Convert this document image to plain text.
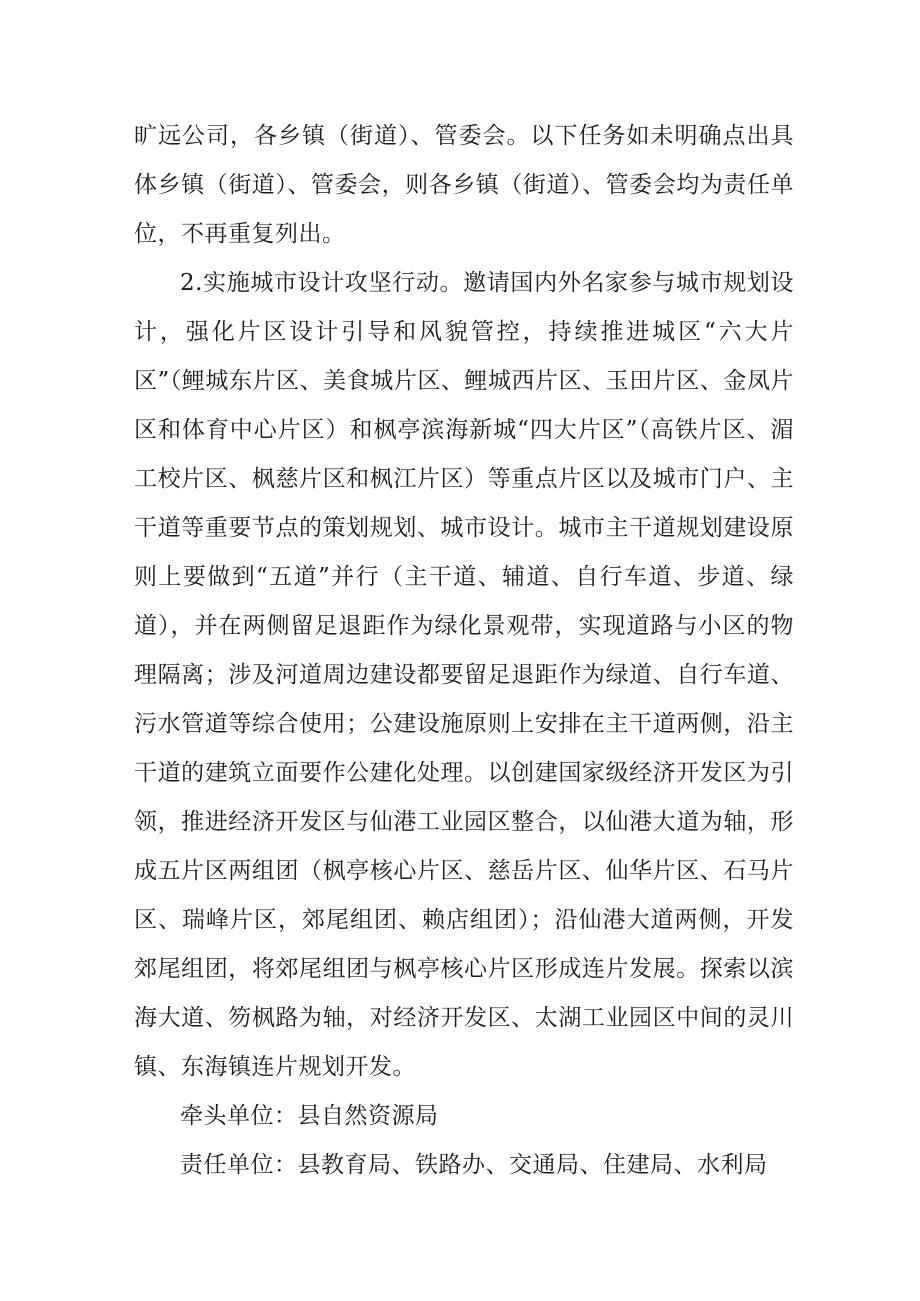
旷远公司，各乡镇（街道）、管委会。以下任务如未明确点出具体乡镇（街道）、管委会，则各乡镇（街道）、管委会均为责任单位，不再重复列出。

2.实施城市设计攻坚行动。邀请国内外名家参与城市规划设计，强化片区设计引导和风貌管控，持续推进城区“六大片区”（鲤城东片区、美食城片区、鲤城西片区、玉田片区、金凤片区和体育中心片区）和枫亭滨海新城“四大片区”（高铁片区、湄工校片区、枫慈片区和枫江片区）等重点片区以及城市门户、主干道等重要节点的策划规划、城市设计。城市主干道规划建设原则上要做到“五道”并行（主干道、辅道、自行车道、步道、绿道），并在两侧留足退距作为绿化景观带，实现道路与小区的物理隔离；涉及河道周边建设都要留足退距作为绿道、自行车道、污水管道等综合使用；公建设施原则上安排在主干道两侧，沿主干道的建筑立面要作公建化处理。以创建国家级经济开发区为引领，推进经济开发区与仙港工业园区整合，以仙港大道为轴，形成五片区两组团（枫亭核心片区、慈岳片区、仙华片区、石马片区、瑞峰片区，郊尾组团、赖店组团）；沿仙港大道两侧，开发郊尾组团，将郊尾组团与枫亭核心片区形成连片发展。探索以滨海大道、笏枫路为轴，对经济开发区、太湖工业园区中间的灵川镇、东海镇连片规划开发。

牵头单位：县自然资源局

责任单位：县教育局、铁路办、交通局、住建局、水利局
